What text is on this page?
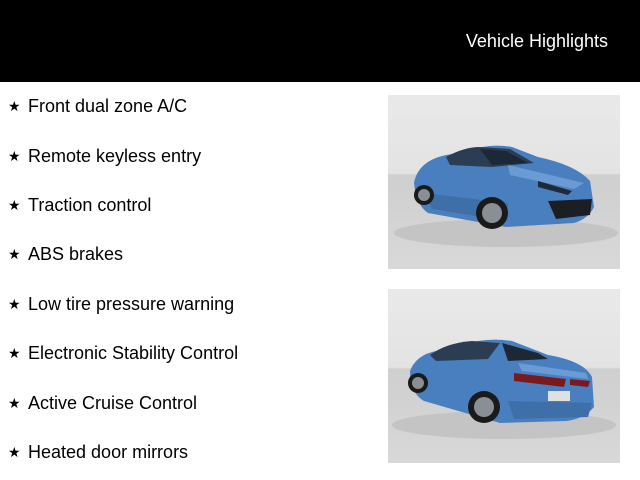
Vehicle Highlights
★ Front dual zone A/C
★ Remote keyless entry
★ Traction control
★ ABS brakes
★ Low tire pressure warning
★ Electronic Stability Control
★ Active Cruise Control
★ Heated door mirrors
